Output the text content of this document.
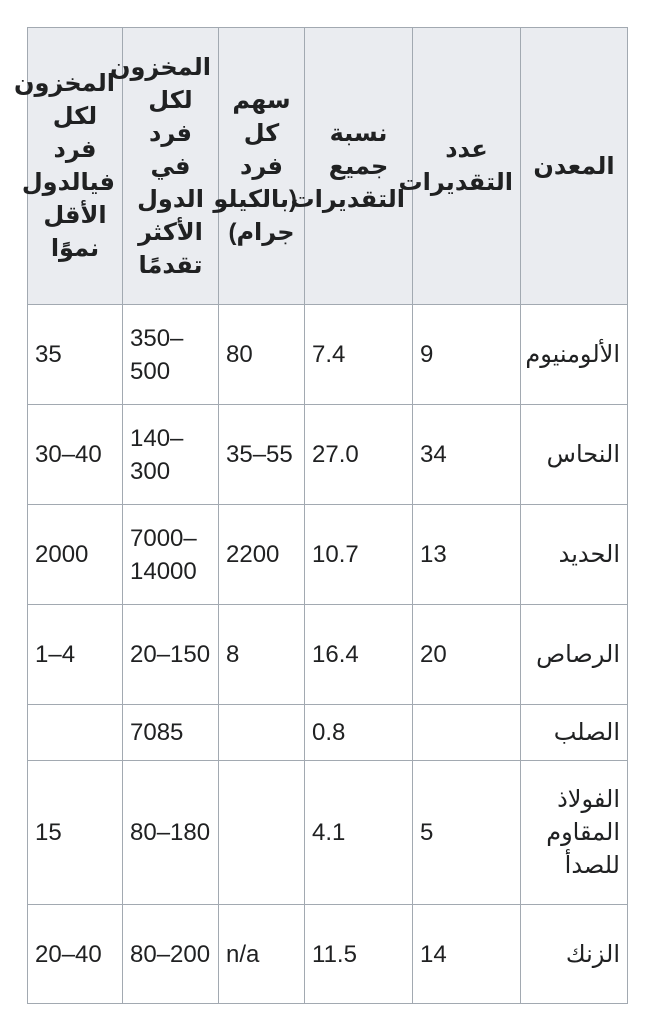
المعدن	عدد التقديرات	نسبة جميع التقديرات	سهم كل فرد (بالكيلو جرام)	المخزون لكل فرد في الدول الأكثر تقدمًا	المخزون لكل فرد فيالدول الأقل نموًا
الألومنيوم	9	7.4	80	350–500	35
النحاس	34	27.0	35–55	140–300	30–40
الحديد	13	10.7	2200	7000–14000	2000
الرصاص	20	16.4	8	20–150	1–4
الصلب		0.8		7085	
الفولاذ المقاوم للصدأ	5	4.1		80–180	15
الزنك	14	11.5	n/a	80–200	20–40
